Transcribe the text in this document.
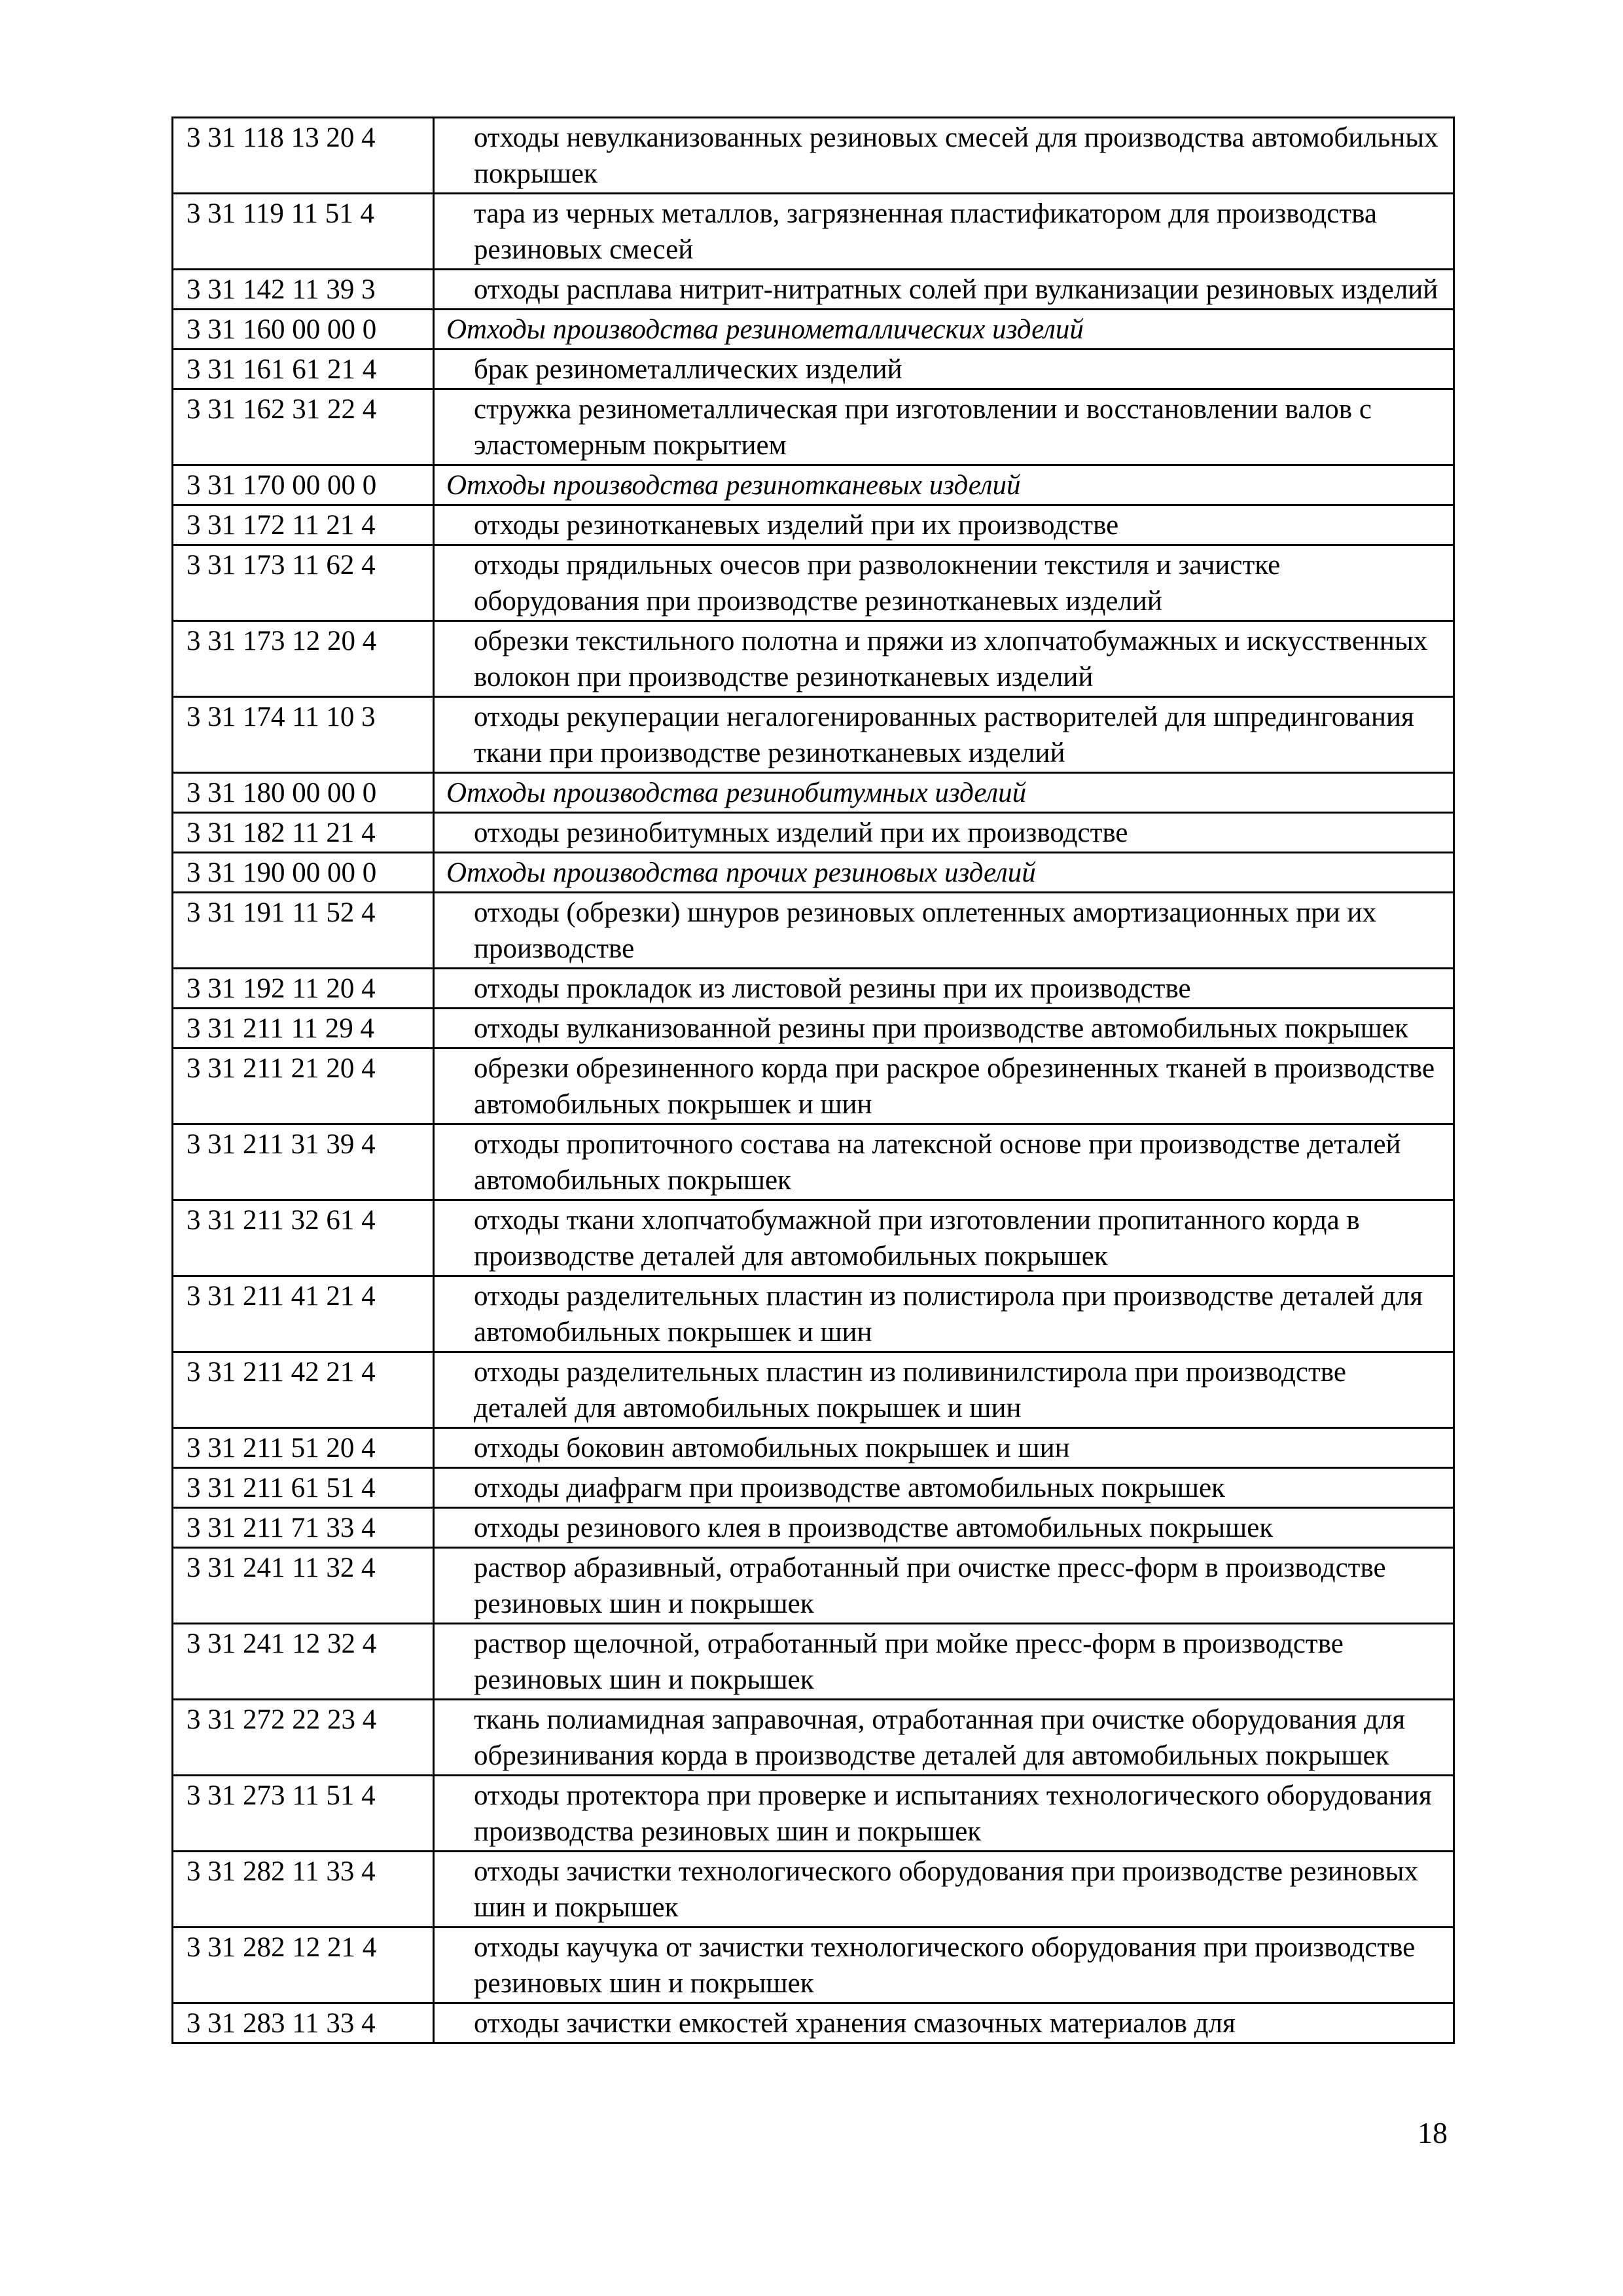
3 31 118 13 20 4	отходы невулканизованных резиновых смесей для производства автомобильных покрышек
3 31 119 11 51 4	тара из черных металлов, загрязненная пластификатором для производства резиновых смесей
3 31 142 11 39 3	отходы расплава нитрит-нитратных солей при вулканизации резиновых изделий
3 31 160 00 00 0	Отходы производства резинометаллических изделий
3 31 161 61 21 4	брак резинометаллических изделий
3 31 162 31 22 4	стружка резинометаллическая при изготовлении и восстановлении валов с эластомерным покрытием
3 31 170 00 00 0	Отходы производства резинотканевых изделий
3 31 172 11 21 4	отходы резинотканевых изделий при их производстве
3 31 173 11 62 4	отходы прядильных очесов при разволокнении текстиля и зачистке оборудования при производстве резинотканевых изделий
3 31 173 12 20 4	обрезки текстильного полотна и пряжи из хлопчатобумажных и искусственных волокон при производстве резинотканевых изделий
3 31 174 11 10 3	отходы рекуперации негалогенированных растворителей для шпредингования ткани при производстве резинотканевых изделий
3 31 180 00 00 0	Отходы производства резинобитумных изделий
3 31 182 11 21 4	отходы резинобитумных изделий при их производстве
3 31 190 00 00 0	Отходы производства прочих резиновых изделий
3 31 191 11 52 4	отходы (обрезки) шнуров резиновых оплетенных амортизационных при их производстве
3 31 192 11 20 4	отходы прокладок из листовой резины при их производстве
3 31 211 11 29 4	отходы вулканизованной резины при производстве автомобильных покрышек
3 31 211 21 20 4	обрезки обрезиненного корда при раскрое обрезиненных тканей в производстве автомобильных покрышек и шин
3 31 211 31 39 4	отходы пропиточного состава на латексной основе при производстве деталей автомобильных покрышек
3 31 211 32 61 4	отходы ткани хлопчатобумажной при изготовлении пропитанного корда в производстве деталей для автомобильных покрышек
3 31 211 41 21 4	отходы разделительных пластин из полистирола при производстве деталей для автомобильных покрышек и шин
3 31 211 42 21 4	отходы разделительных пластин из поливинилстирола при производстве деталей для автомобильных покрышек и шин
3 31 211 51 20 4	отходы боковин автомобильных покрышек и шин
3 31 211 61 51 4	отходы диафрагм при производстве автомобильных покрышек
3 31 211 71 33 4	отходы резинового клея в производстве автомобильных покрышек
3 31 241 11 32 4	раствор абразивный, отработанный при очистке пресс-форм в производстве резиновых шин и покрышек
3 31 241 12 32 4	раствор щелочной, отработанный при мойке пресс-форм в производстве резиновых шин и покрышек
3 31 272 22 23 4	ткань полиамидная заправочная, отработанная при очистке оборудования для обрезинивания корда в производстве деталей для автомобильных покрышек
3 31 273 11 51 4	отходы протектора при проверке и испытаниях технологического оборудования производства резиновых шин и покрышек
3 31 282 11 33 4	отходы зачистки технологического оборудования при производстве резиновых шин и покрышек
3 31 282 12 21 4	отходы каучука от зачистки технологического оборудования при производстве резиновых шин и покрышек
3 31 283 11 33 4	отходы зачистки емкостей хранения смазочных материалов для
18
